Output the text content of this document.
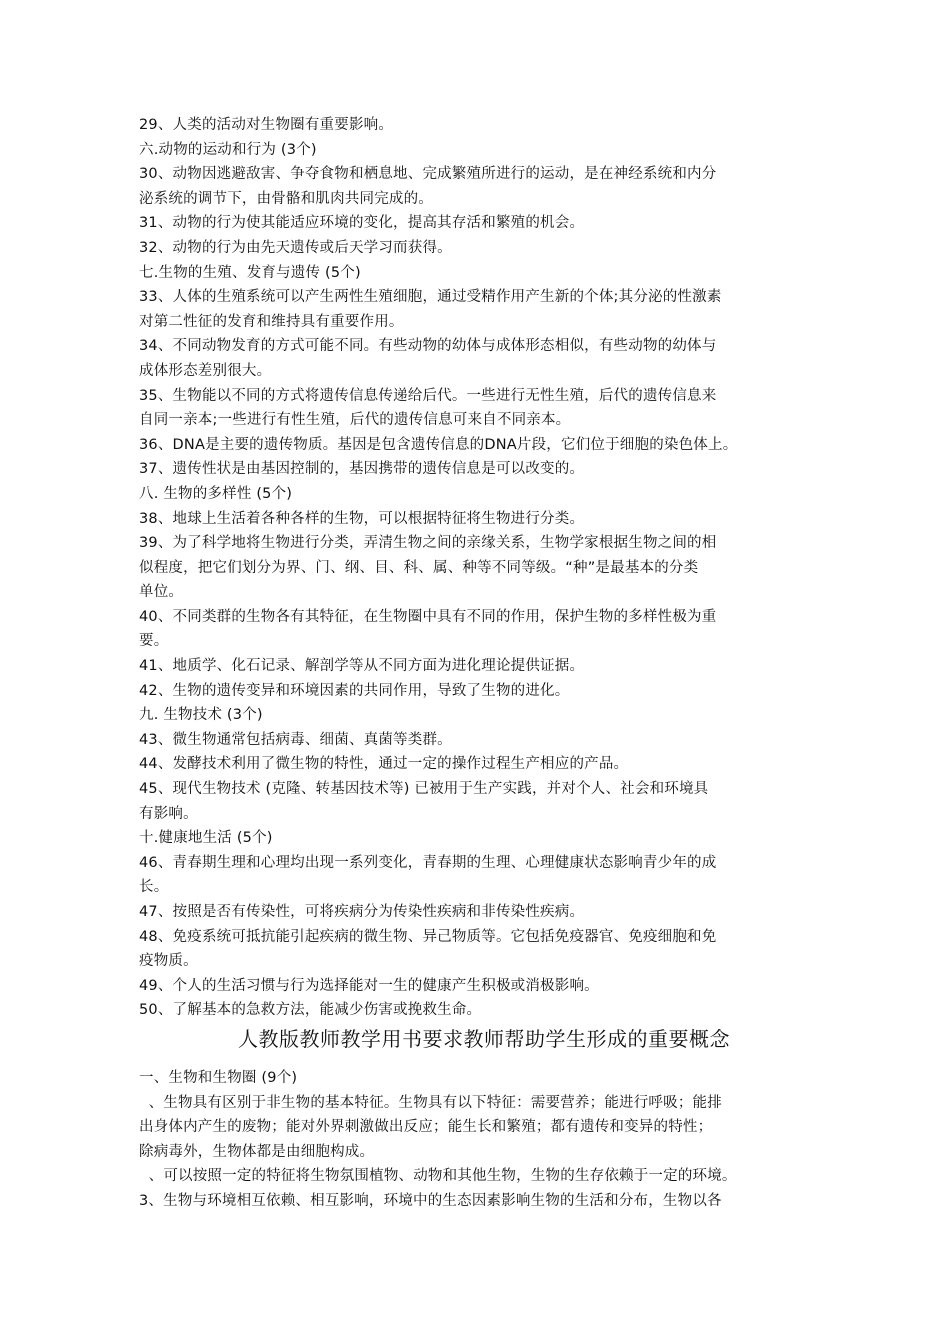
29、人类的活动对生物圈有重要影响。

六.动物的运动和行为 (3个)

30、动物因逃避敌害、争夺食物和栖息地、完成繁殖所进行的运动，是在神经系统和内分

泌系统的调节下，由骨骼和肌肉共同完成的。

31、动物的行为使其能适应环境的变化，提高其存活和繁殖的机会。

32、动物的行为由先天遗传或后天学习而获得。

七.生物的生殖、发育与遗传 (5个)

33、人体的生殖系统可以产生两性生殖细胞，通过受精作用产生新的个体;其分泌的性激素

对第二性征的发育和维持具有重要作用。

34、不同动物发育的方式可能不同。有些动物的幼体与成体形态相似，有些动物的幼体与

成体形态差别很大。

35、生物能以不同的方式将遗传信息传递给后代。一些进行无性生殖，后代的遗传信息来

自同一亲本;一些进行有性生殖，后代的遗传信息可来自不同亲本。

36、DNA是主要的遗传物质。基因是包含遗传信息的DNA片段，它们位于细胞的染色体上。

37、遗传性状是由基因控制的，基因携带的遗传信息是可以改变的。

八. 生物的多样性 (5个)

38、地球上生活着各种各样的生物，可以根据特征将生物进行分类。

39、为了科学地将生物进行分类，弄清生物之间的亲缘关系，生物学家根据生物之间的相

似程度，把它们划分为界、门、纲、目、科、属、种等不同等级。“种”是最基本的分类

单位。

40、不同类群的生物各有其特征，在生物圈中具有不同的作用，保护生物的多样性极为重

要。

41、地质学、化石记录、解剖学等从不同方面为进化理论提供证据。

42、生物的遗传变异和环境因素的共同作用，导致了生物的进化。

九. 生物技术 (3个)

43、微生物通常包括病毒、细菌、真菌等类群。

44、发酵技术利用了微生物的特性，通过一定的操作过程生产相应的产品。

45、现代生物技术 (克隆、转基因技术等) 已被用于生产实践，并对个人、社会和环境具

有影响。

十.健康地生活 (5个)

46、青春期生理和心理均出现一系列变化，青春期的生理、心理健康状态影响青少年的成

长。

47、按照是否有传染性，可将疾病分为传染性疾病和非传染性疾病。

48、免疫系统可抵抗能引起疾病的微生物、异己物质等。它包括免疫器官、免疫细胞和免

疫物质。

49、个人的生活习惯与行为选择能对一生的健康产生积极或消极影响。

50、了解基本的急救方法，能减少伤害或挽救生命。

人教版教师教学用书要求教师帮助学生形成的重要概念

一、生物和生物圈 (9个)

、生物具有区别于非生物的基本特征。生物具有以下特征：需要营养；能进行呼吸；能排

出身体内产生的废物；能对外界刺激做出反应；能生长和繁殖；都有遗传和变异的特性；

除病毒外，生物体都是由细胞构成。

、可以按照一定的特征将生物氛围植物、动物和其他生物，生物的生存依赖于一定的环境。

3、生物与环境相互依赖、相互影响，环境中的生态因素影响生物的生活和分布，生物以各
